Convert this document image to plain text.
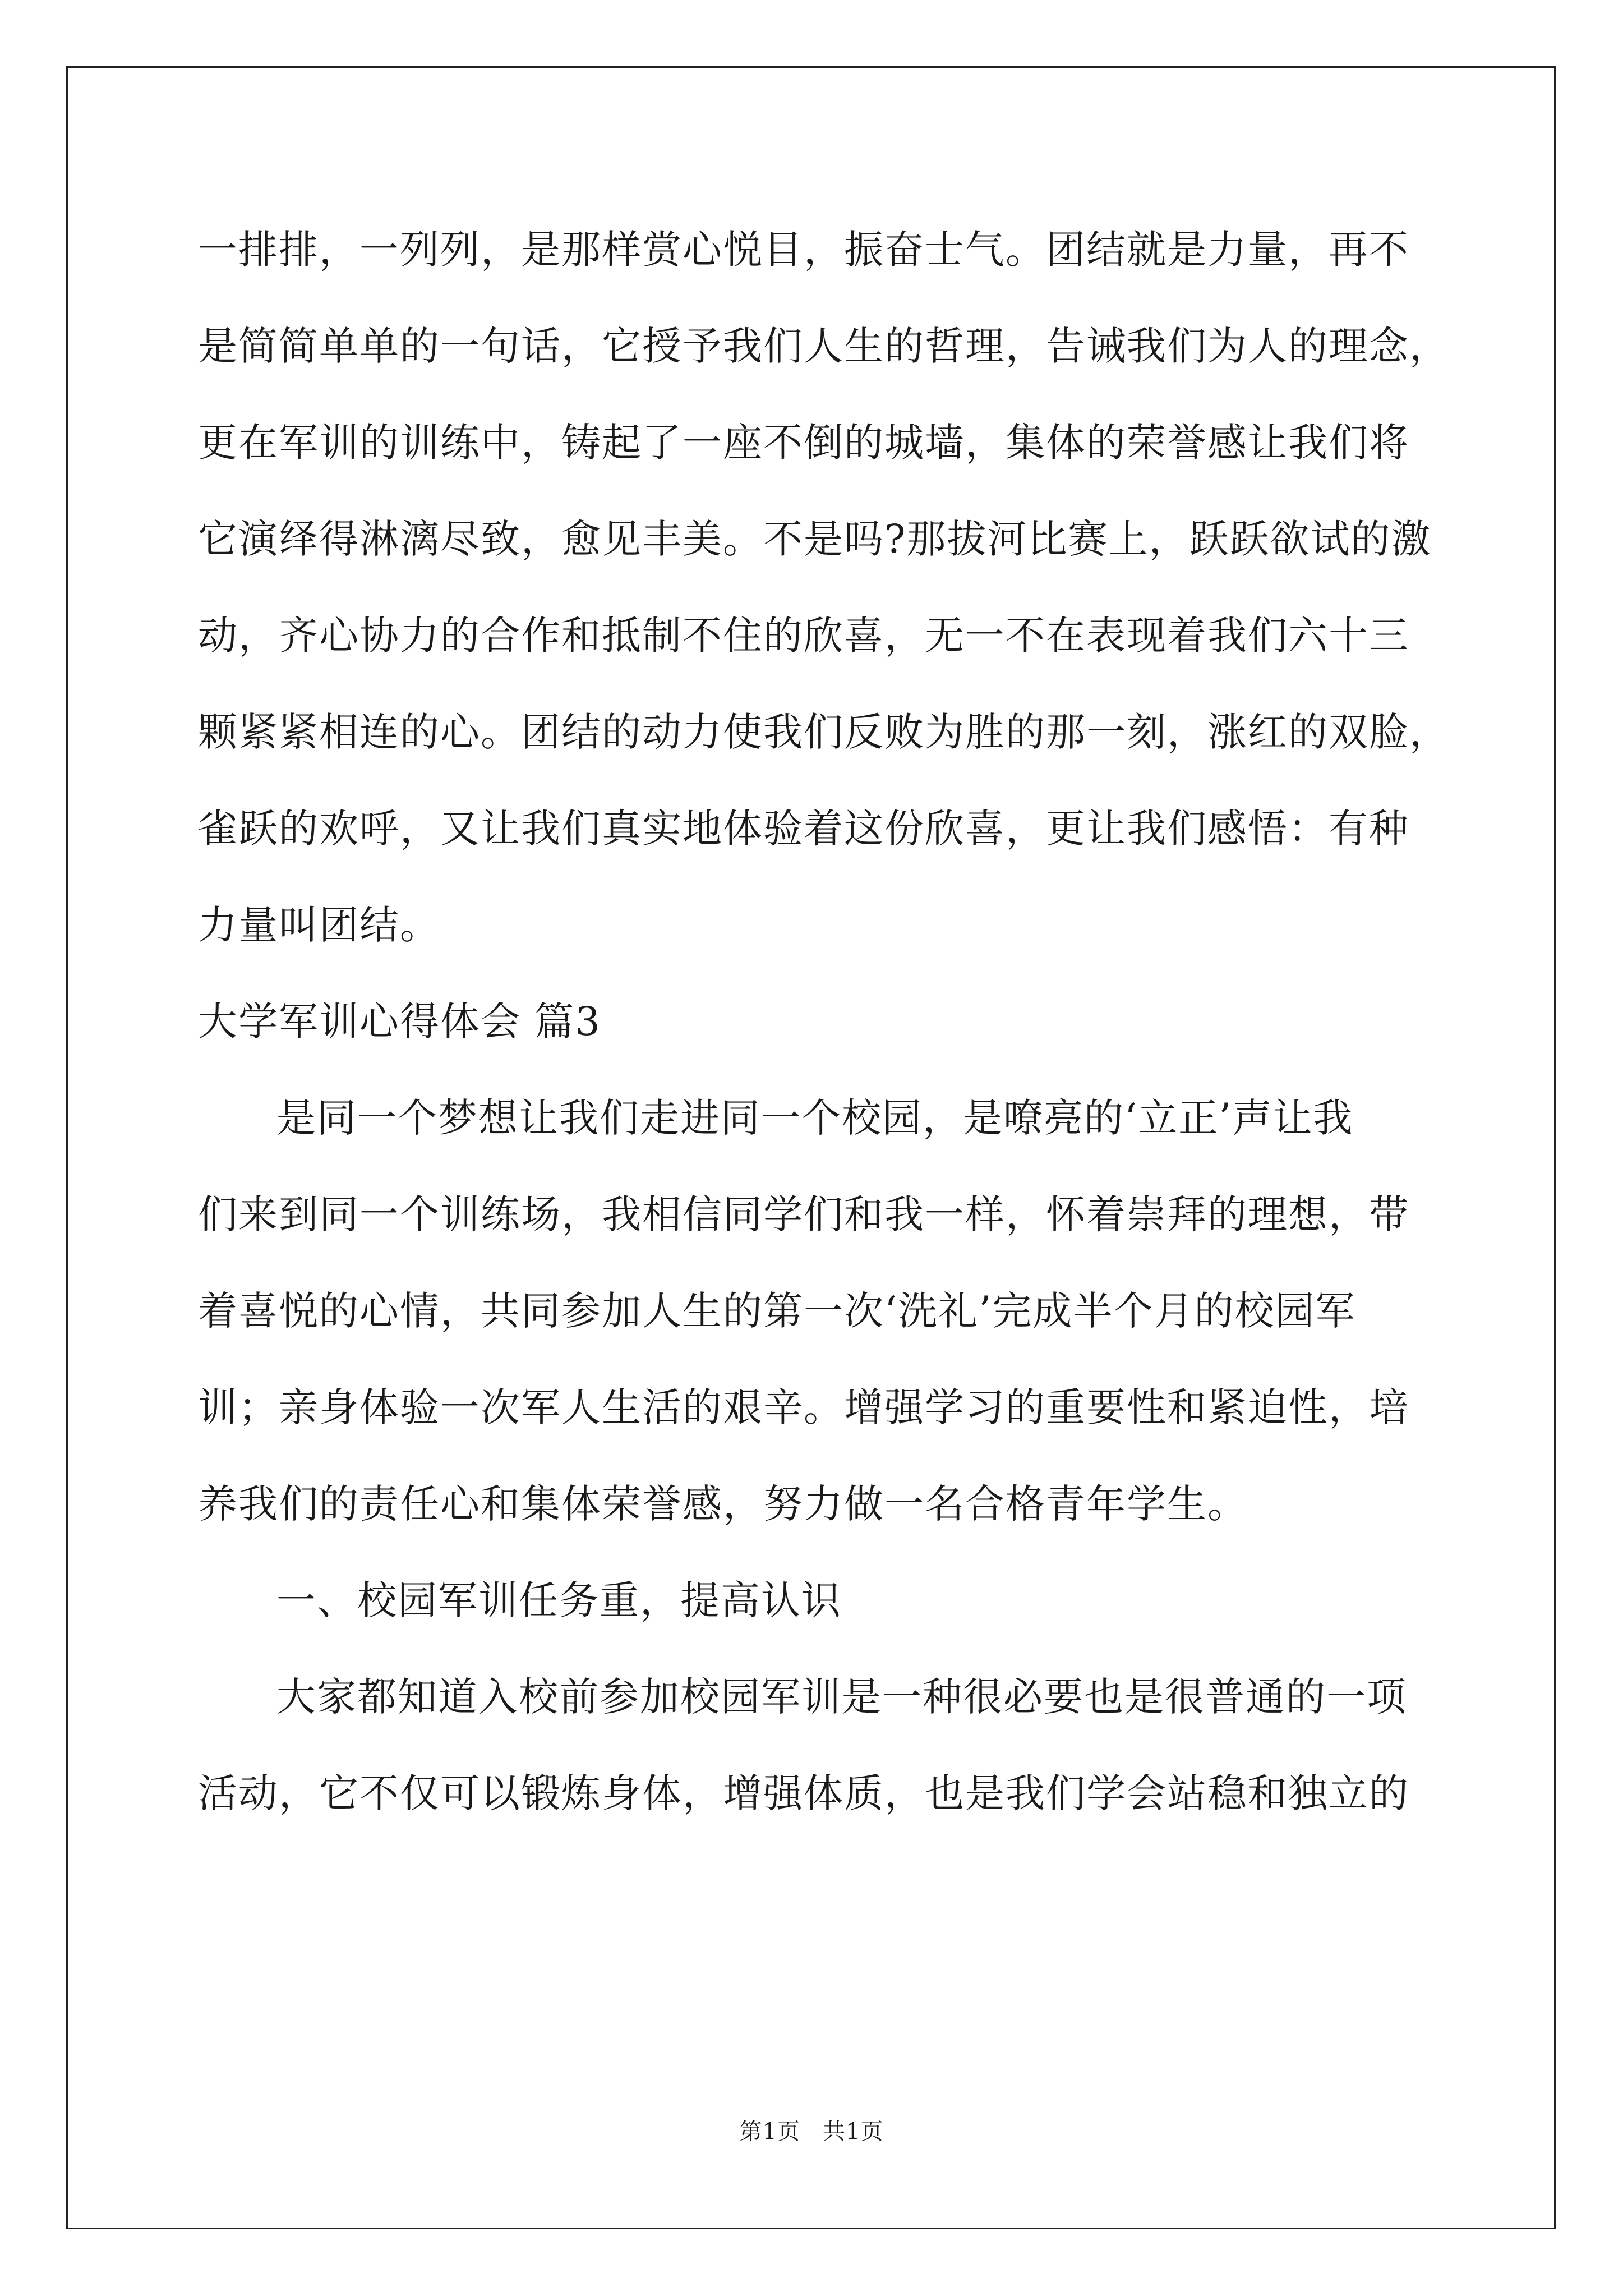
一排排，一列列，是那样赏心悦目，振奋士气。团结就是力量，再不
是简简单单的一句话，它授予我们人生的哲理，告诫我们为人的理念，
更在军训的训练中，铸起了一座不倒的城墙，集体的荣誉感让我们将
它演绎得淋漓尽致，愈见丰美。不是吗?那拔河比赛上，跃跃欲试的激
动，齐心协力的合作和抵制不住的欣喜，无一不在表现着我们六十三
颗紧紧相连的心。团结的动力使我们反败为胜的那一刻，涨红的双脸，
雀跃的欢呼，又让我们真实地体验着这份欣喜，更让我们感悟：有种
力量叫团结。
大学军训心得体会 篇3
是同一个梦想让我们走进同一个校园，是嘹亮的‘立正’声让我
们来到同一个训练场，我相信同学们和我一样，怀着崇拜的理想，带
着喜悦的心情，共同参加人生的第一次‘洗礼’完成半个月的校园军
训；亲身体验一次军人生活的艰辛。增强学习的重要性和紧迫性，培
养我们的责任心和集体荣誉感，努力做一名合格青年学生。
一、校园军训任务重，提高认识
大家都知道入校前参加校园军训是一种很必要也是很普通的一项
活动，它不仅可以锻炼身体，增强体质，也是我们学会站稳和独立的
第1页 共1页
